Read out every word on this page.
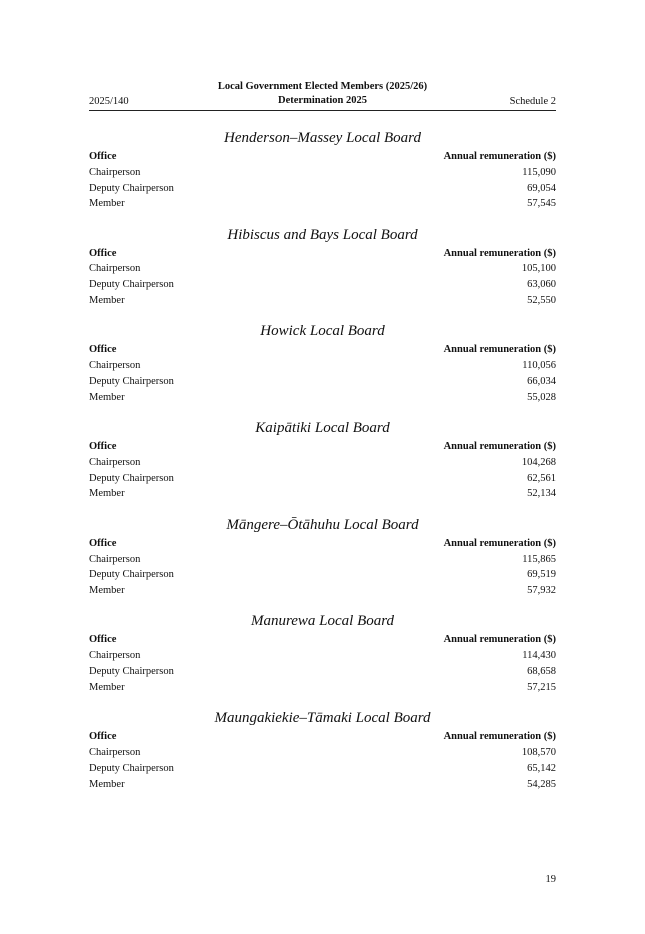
2025/140
Local Government Elected Members (2025/26)
Determination 2025	Schedule 2
Henderson–Massey Local Board
Office	Annual remuneration ($)
Chairperson	115,090
Deputy Chairperson	69,054
Member	57,545
Hibiscus and Bays Local Board
Office	Annual remuneration ($)
Chairperson	105,100
Deputy Chairperson	63,060
Member	52,550
Howick Local Board
Office	Annual remuneration ($)
Chairperson	110,056
Deputy Chairperson	66,034
Member	55,028
Kaipātiki Local Board
Office	Annual remuneration ($)
Chairperson	104,268
Deputy Chairperson	62,561
Member	52,134
Māngere–Ōtāhuhu Local Board
Office	Annual remuneration ($)
Chairperson	115,865
Deputy Chairperson	69,519
Member	57,932
Manurewa Local Board
Office	Annual remuneration ($)
Chairperson	114,430
Deputy Chairperson	68,658
Member	57,215
Maungakiekie–Tāmaki Local Board
Office	Annual remuneration ($)
Chairperson	108,570
Deputy Chairperson	65,142
Member	54,285
19
